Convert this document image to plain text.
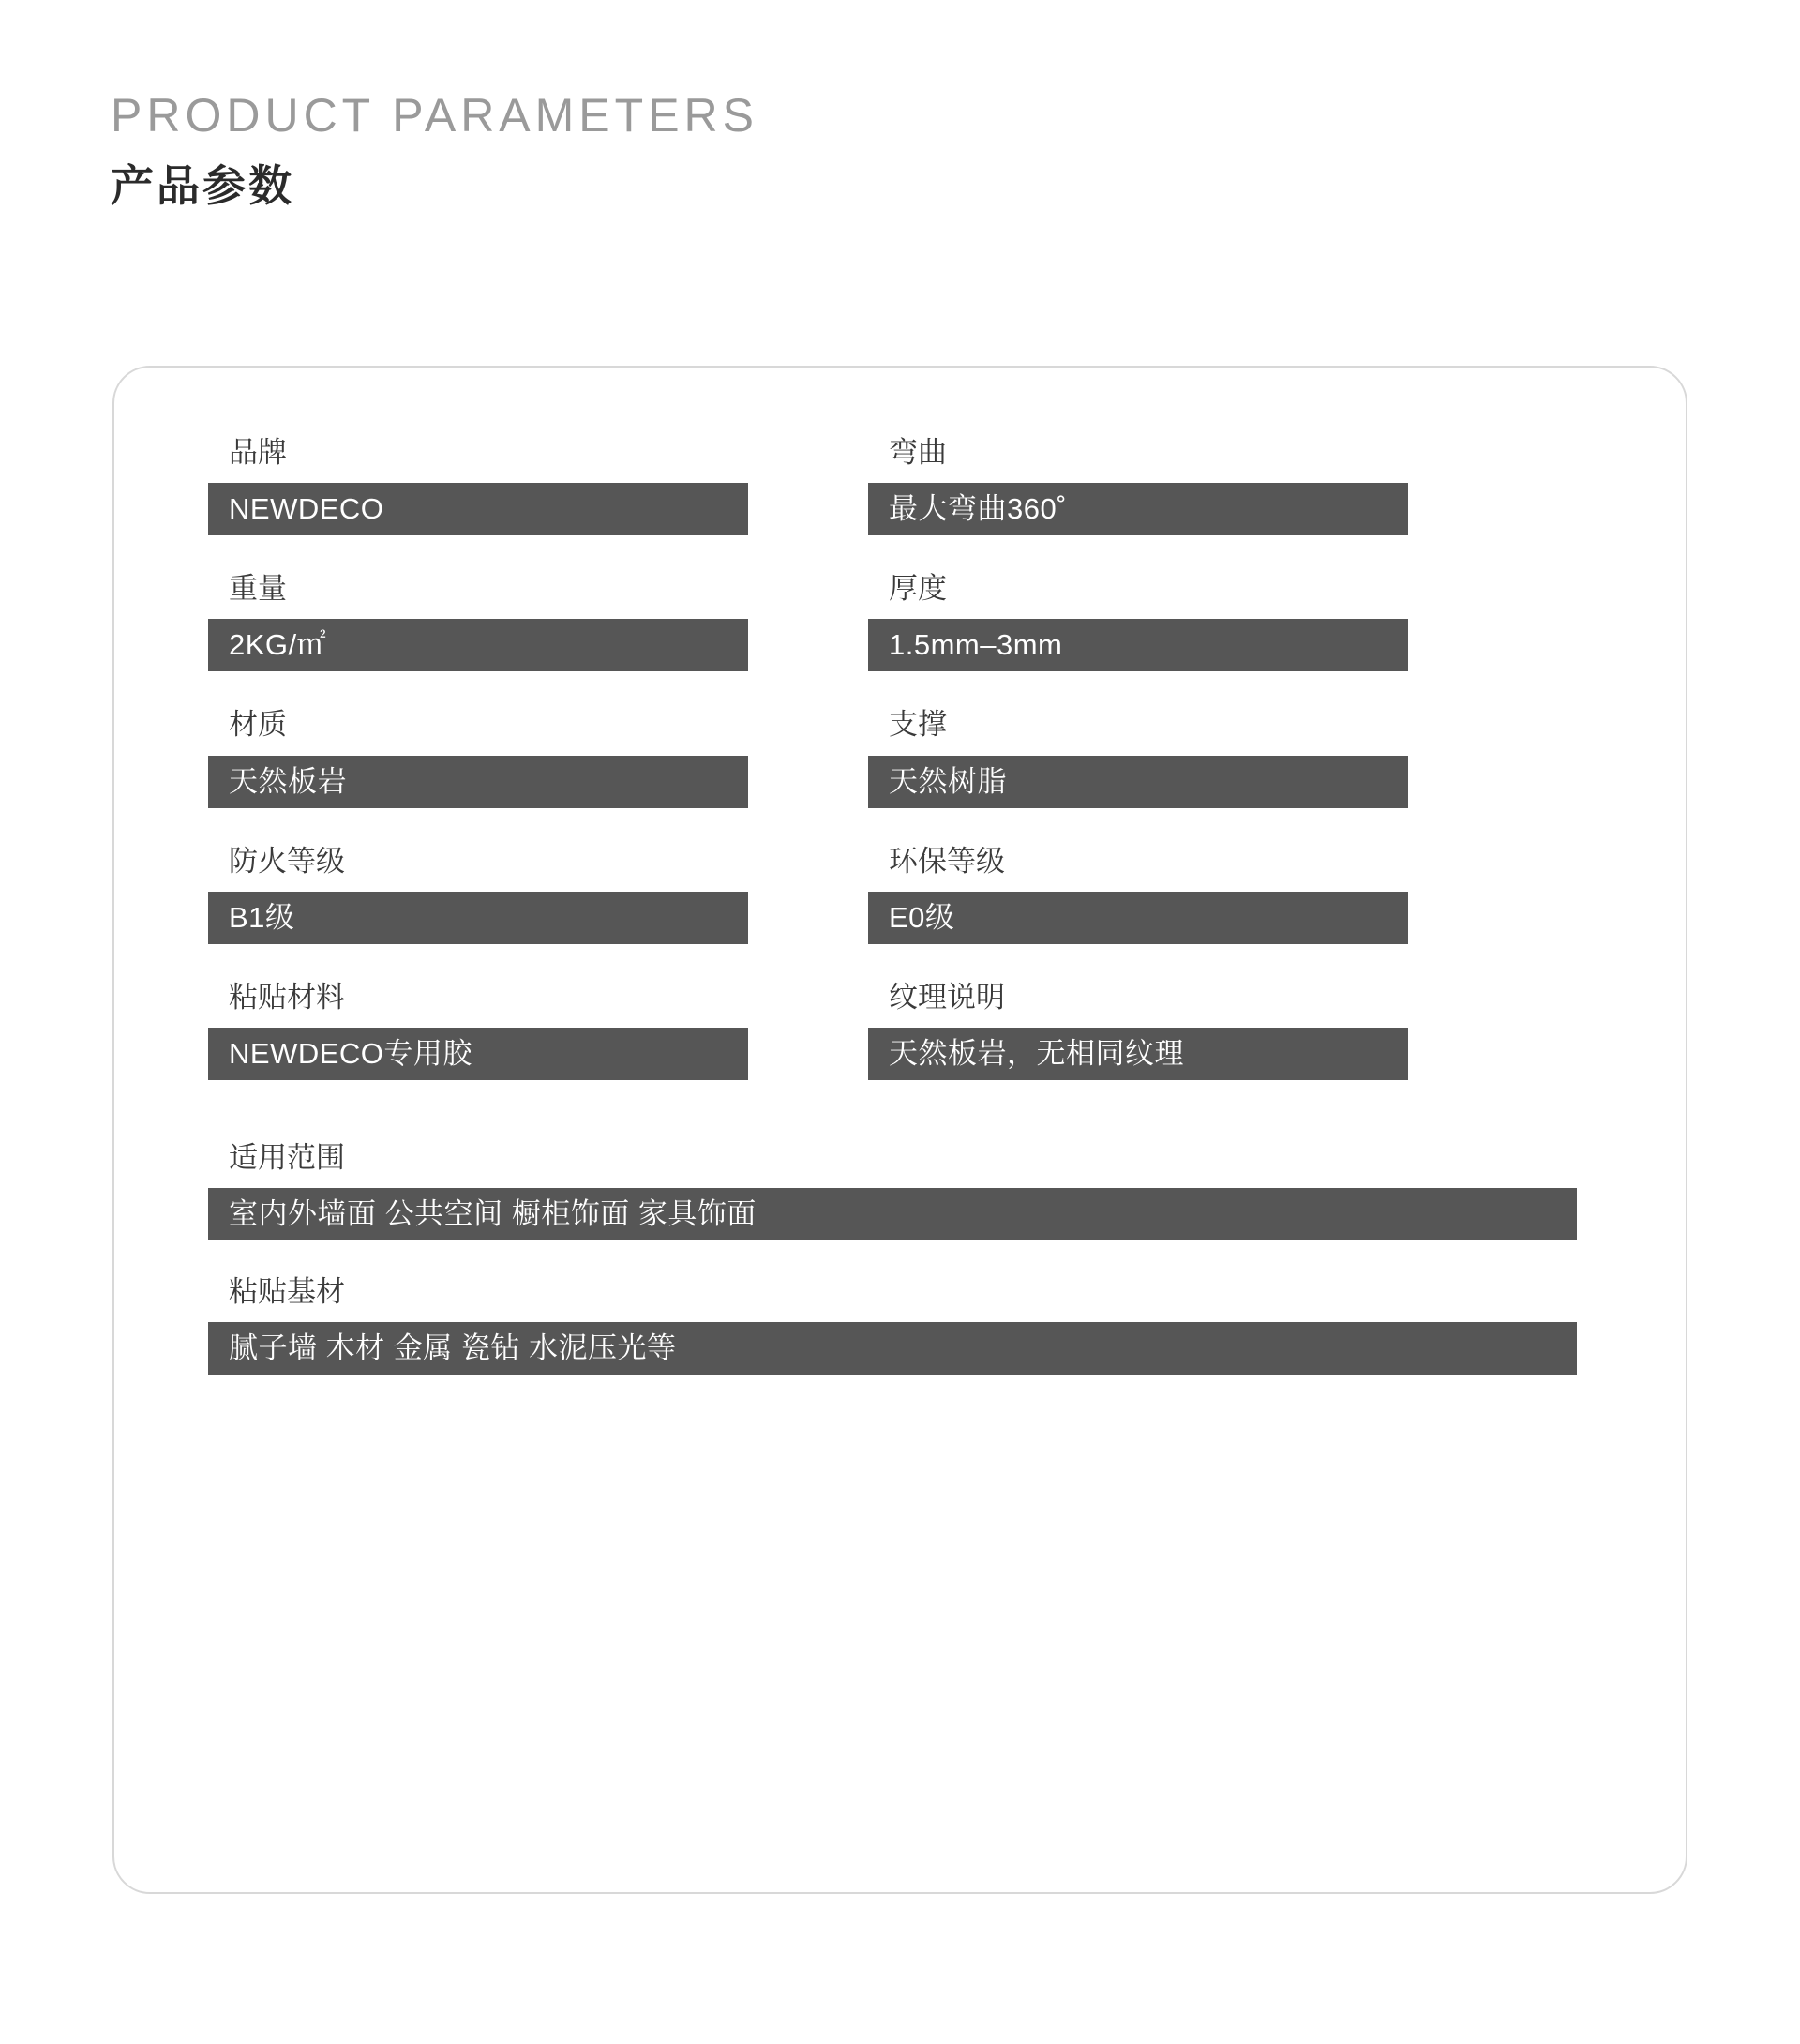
PRODUCT PARAMETERS
产品参数
品牌
NEWDECO
弯曲
最大弯曲360˚
重量
2KG/㎡
厚度
1.5mm–3mm
材质
天然板岩
支撑
天然树脂
防火等级
B1级
环保等级
E0级
粘贴材料
NEWDECO专用胶
纹理说明
天然板岩，无相同纹理
适用范围
室内外墙面 公共空间 橱柜饰面 家具饰面
粘贴基材
腻子墙 木材 金属 瓷钻 水泥压光等
